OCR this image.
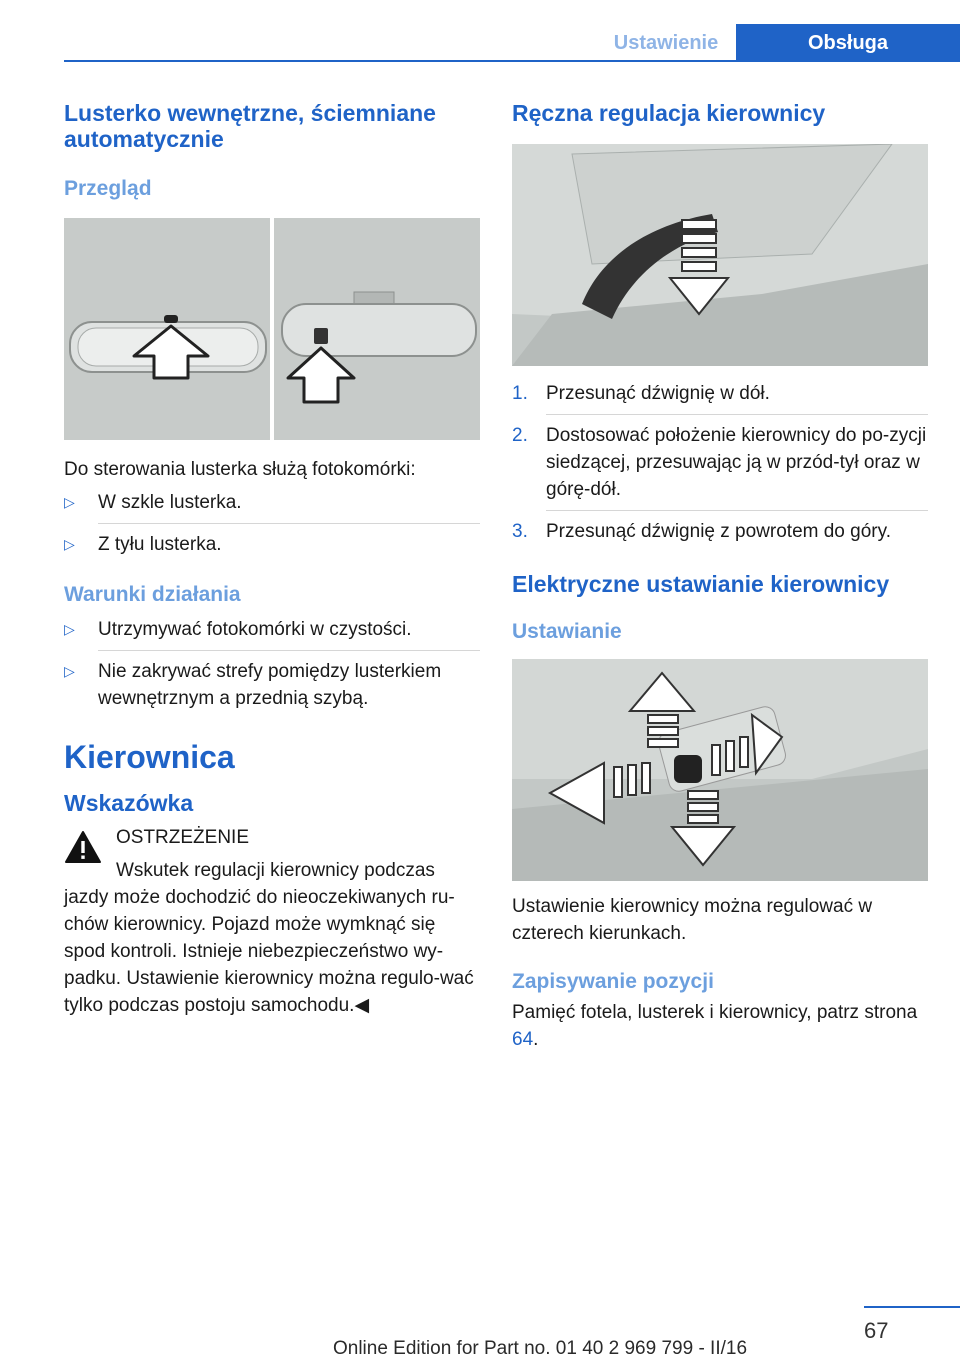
Ustawienie	Obsługa
Lusterko wewnętrzne, ściemniane automatycznie
Przegląd

Do sterowania lusterka służą fotokomórki:

▷ W szkle lusterka.
▷ Z tyłu lusterka.
Warunki działania
▷ Utrzymywać fotokomórki w czystości.
▷ Nie zakrywać strefy pomiędzy lusterkiem wewnętrznym a przednią szybą.
Kierownica
Wskazówka

OSTRZEŻENIE

Wskutek regulacji kierownicy podczas jazdy może dochodzić do nieoczekiwanych ru-chów kierownicy. Pojazd może wymknąć się spod kontroli. Istnieje niebezpieczeństwo wy-padku. Ustawienie kierownicy można regulo-wać tylko podczas postoju samochodu.◀

Ręczna regulacja kierownicy
1. Przesunąć dźwignię w dół.
2. Dostosować położenie kierownicy do po-zycji siedzącej, przesuwając ją w przód-tył oraz w górę-dół.
3. Przesunąć dźwignię z powrotem do góry.
Elektryczne ustawianie kierownicy
Ustawianie

Ustawienie kierownicy można regulować w czterech kierunkach.

Zapisywanie pozycji

Pamięć fotela, lusterek i kierownicy, patrz strona 64.

67
Online Edition for Part no. 01 40 2 969 799 - II/16
